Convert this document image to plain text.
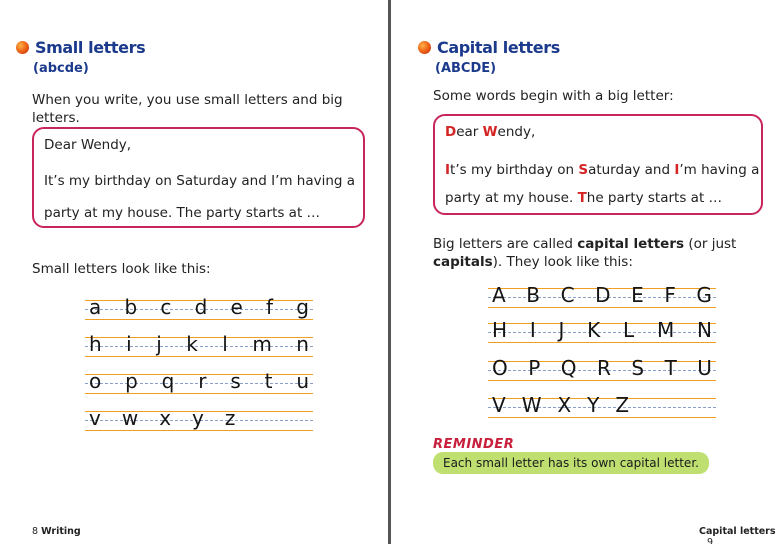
Small letters
(abcde)
When you write, you use small letters and big letters.
Dear Wendy,
It’s my birthday on Saturday and I’m having a
party at my house. The party starts at …
Small letters look like this:
a b c d e f g
h i j k l m n
o p q r s t u
v w x y z
8 Writing
Capital letters
(ABCDE)
Some words begin with a big letter:
Dear Wendy,
It’s my birthday on Saturday and I’m having a
party at my house. The party starts at …
Big letters are called capital letters (or just
capitals). They look like this:
A B C D E F G
H I J K L M N
O P Q R S T U
V W X Y Z
REMINDER
Each small letter has its own capital letter.
Capital letters 9
